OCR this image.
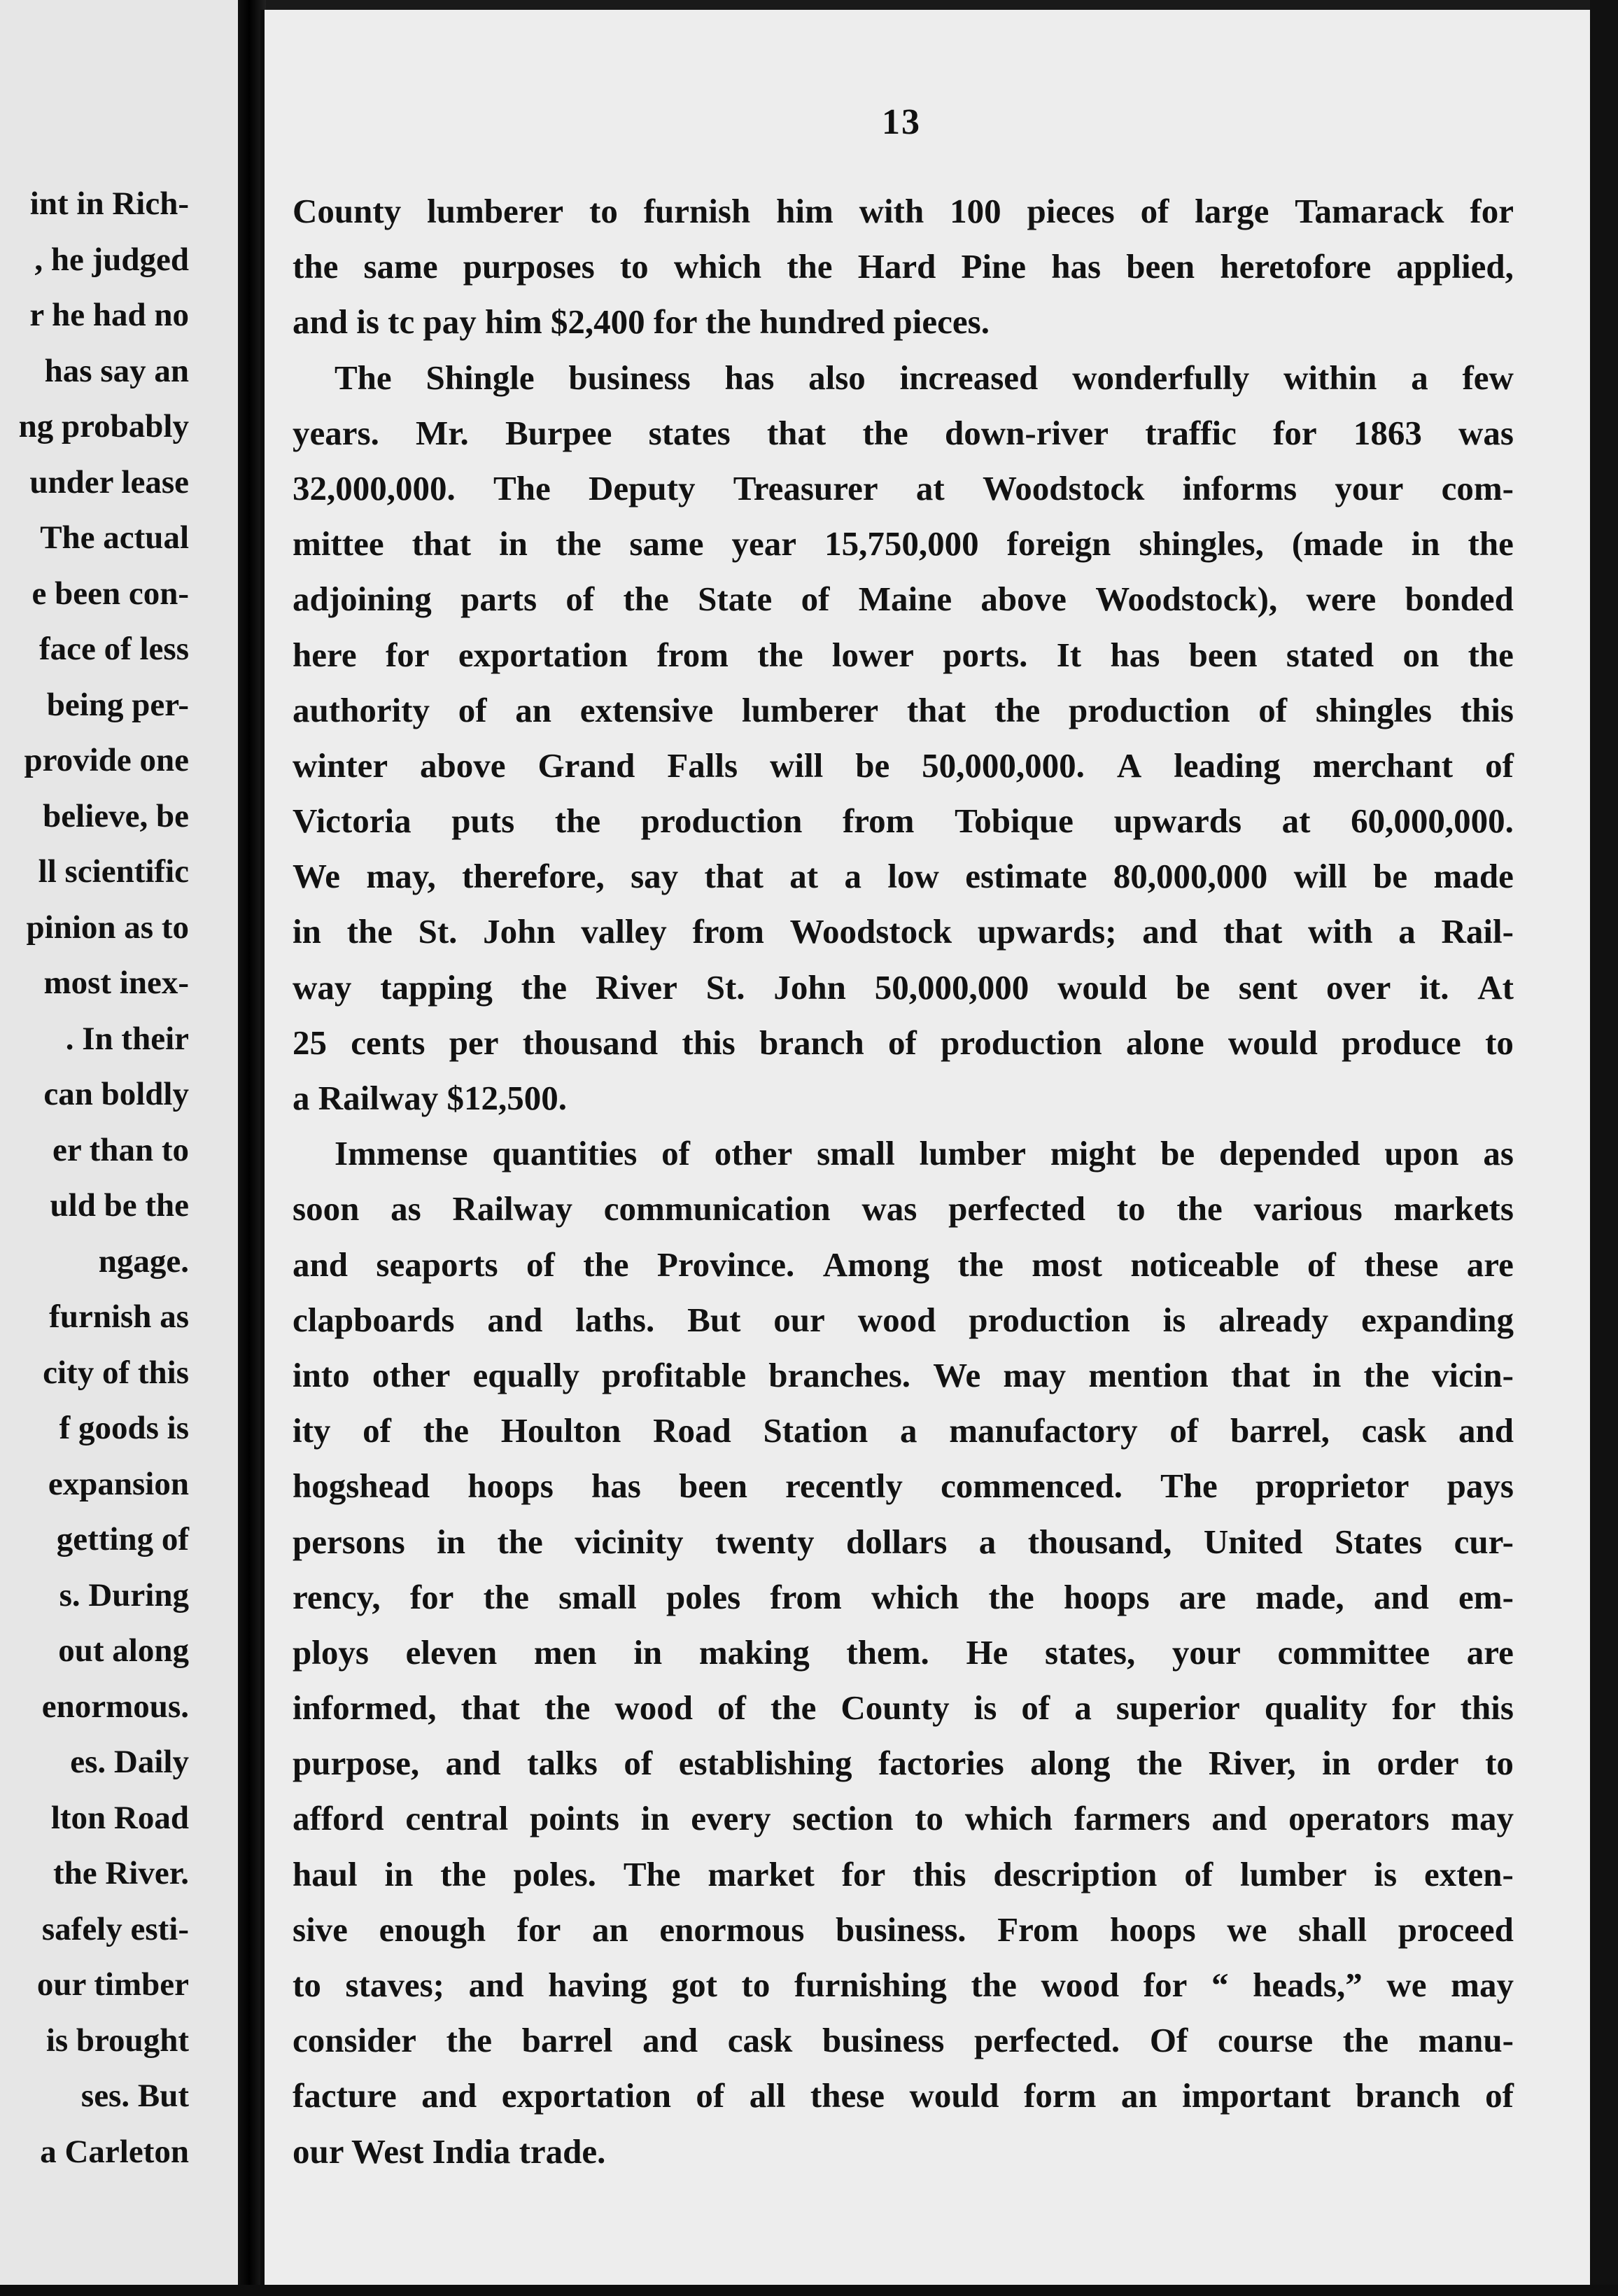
int in Rich-
, he judged
r he had no
has say an
ng probably
under lease
The actual
e been con-
face of less
being per-
provide one
believe, be
ll scientific
pinion as to
most inex-
. In their
can boldly
er than to
uld be the
ngage.
furnish as
city of this
f goods is
expansion
getting of
s. During
out along
enormous.
es. Daily
lton Road
the River.
safely esti-
our timber
is brought
ses. But
a Carleton
13
County lumberer to furnish him with 100 pieces of large Tamarack for
the same purposes to which the Hard Pine has been heretofore applied,
and is tc pay him $2,400 for the hundred pieces.
The Shingle business has also increased wonderfully within a few
years. Mr. Burpee states that the down-river traffic for 1863 was
32,000,000. The Deputy Treasurer at Woodstock informs your com-
mittee that in the same year 15,750,000 foreign shingles, (made in the
adjoining parts of the State of Maine above Woodstock), were bonded
here for exportation from the lower ports. It has been stated on the
authority of an extensive lumberer that the production of shingles this
winter above Grand Falls will be 50,000,000. A leading merchant of
Victoria puts the production from Tobique upwards at 60,000,000.
We may, therefore, say that at a low estimate 80,000,000 will be made
in the St. John valley from Woodstock upwards; and that with a Rail-
way tapping the River St. John 50,000,000 would be sent over it. At
25 cents per thousand this branch of production alone would produce to
a Railway $12,500.
Immense quantities of other small lumber might be depended upon as
soon as Railway communication was perfected to the various markets
and seaports of the Province. Among the most noticeable of these are
clapboards and laths. But our wood production is already expanding
into other equally profitable branches. We may mention that in the vicin-
ity of the Houlton Road Station a manufactory of barrel, cask and
hogshead hoops has been recently commenced. The proprietor pays
persons in the vicinity twenty dollars a thousand, United States cur-
rency, for the small poles from which the hoops are made, and em-
ploys eleven men in making them. He states, your committee are
informed, that the wood of the County is of a superior quality for this
purpose, and talks of establishing factories along the River, in order to
afford central points in every section to which farmers and operators may
haul in the poles. The market for this description of lumber is exten-
sive enough for an enormous business. From hoops we shall proceed
to staves; and having got to furnishing the wood for “ heads,” we may
consider the barrel and cask business perfected. Of course the manu-
facture and exportation of all these would form an important branch of
our West India trade.
